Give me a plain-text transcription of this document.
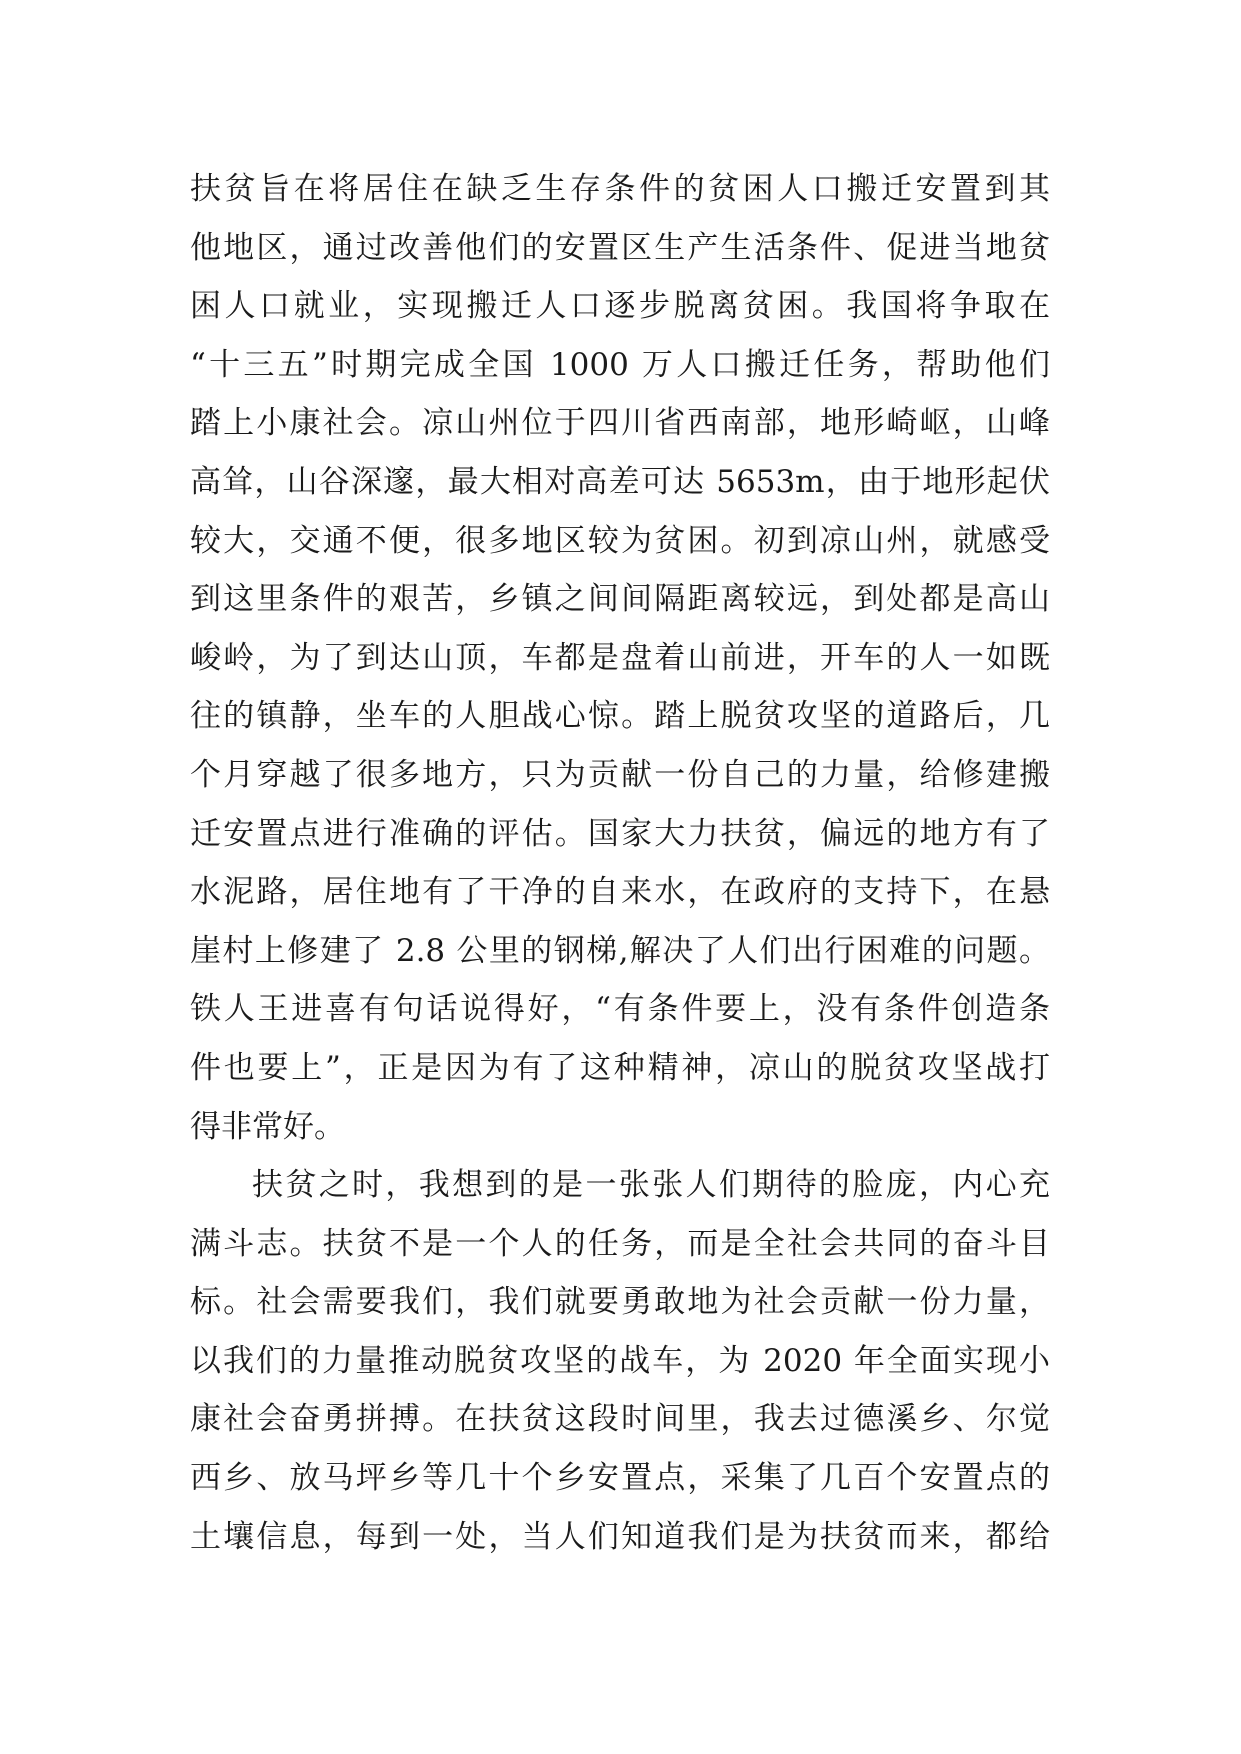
扶贫旨在将居住在缺乏生存条件的贫困人口搬迁安置到其
他地区，通过改善他们的安置区生产生活条件、促进当地贫
困人口就业，实现搬迁人口逐步脱离贫困。我国将争取在
“十三五”时期完成全国 1000 万人口搬迁任务，帮助他们
踏上小康社会。凉山州位于四川省西南部，地形崎岖，山峰
高耸，山谷深邃，最大相对高差可达 5653m，由于地形起伏
较大，交通不便，很多地区较为贫困。初到凉山州，就感受
到这里条件的艰苦，乡镇之间间隔距离较远，到处都是高山
峻岭，为了到达山顶，车都是盘着山前进，开车的人一如既
往的镇静，坐车的人胆战心惊。踏上脱贫攻坚的道路后，几
个月穿越了很多地方，只为贡献一份自己的力量，给修建搬
迁安置点进行准确的评估。国家大力扶贫，偏远的地方有了
水泥路，居住地有了干净的自来水，在政府的支持下，在悬
崖村上修建了 2.8 公里的钢梯,解决了人们出行困难的问题。
铁人王进喜有句话说得好，“有条件要上，没有条件创造条
件也要上”，正是因为有了这种精神，凉山的脱贫攻坚战打
得非常好。
扶贫之时，我想到的是一张张人们期待的脸庞，内心充
满斗志。扶贫不是一个人的任务，而是全社会共同的奋斗目
标。社会需要我们，我们就要勇敢地为社会贡献一份力量，
以我们的力量推动脱贫攻坚的战车，为 2020 年全面实现小
康社会奋勇拼搏。在扶贫这段时间里，我去过德溪乡、尔觉
西乡、放马坪乡等几十个乡安置点，采集了几百个安置点的
土壤信息，每到一处，当人们知道我们是为扶贫而来，都给
